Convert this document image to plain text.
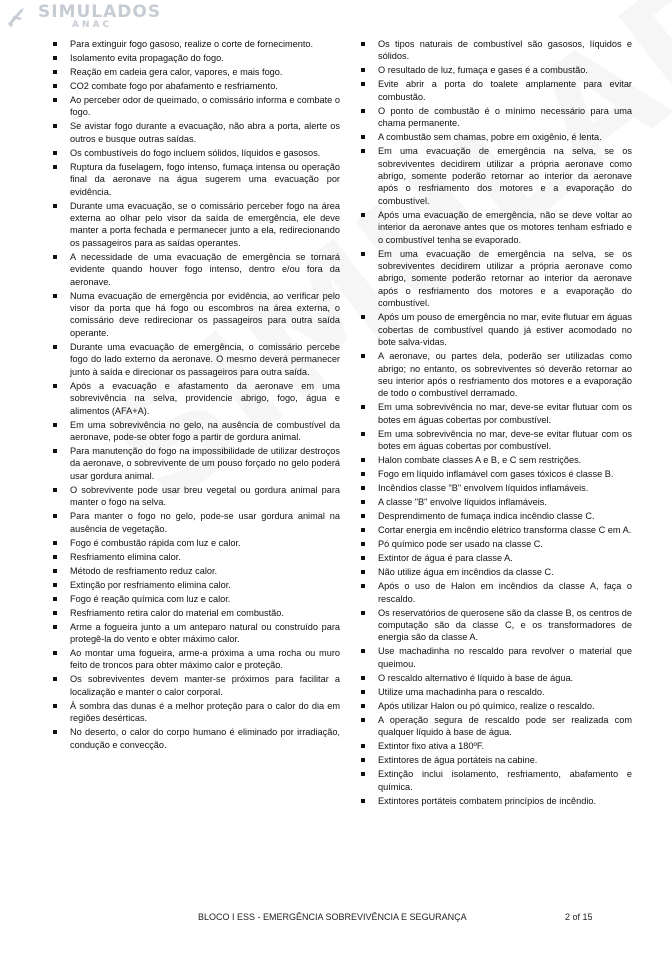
SIMULADOS
ANAC
Para extinguir fogo gasoso, realize o corte de fornecimento.
Isolamento evita propagação do fogo.
Reação em cadeia gera calor, vapores, e mais fogo.
CO2 combate fogo por abafamento e resfriamento.
Ao perceber odor de queimado, o comissário informa e combate o fogo.
Se avistar fogo durante a evacuação, não abra a porta, alerte os outros e busque outras saídas.
Os combustíveis do fogo incluem sólidos, líquidos e gasosos.
Ruptura da fuselagem, fogo intenso, fumaça intensa ou operação final da aeronave na água sugerem uma evacuação por evidência.
Durante uma evacuação, se o comissário perceber fogo na área externa ao olhar pelo visor da saída de emergência, ele deve manter a porta fechada e permanecer junto a ela, redirecionando os passageiros para as saídas operantes.
A necessidade de uma evacuação de emergência se tornará evidente quando houver fogo intenso, dentro e/ou fora da aeronave.
Numa evacuação de emergência por evidência, ao verificar pelo visor da porta que há fogo ou escombros na área externa, o comissário deve redirecionar os passageiros para outra saída operante.
Durante uma evacuação de emergência, o comissário percebe fogo do lado externo da aeronave. O mesmo deverá permanecer junto à saída e direcionar os passageiros para outra saída.
Após a evacuação e afastamento da aeronave em uma sobrevivência na selva, providencie abrigo, fogo, água e alimentos (AFA+A).
Em uma sobrevivência no gelo, na ausência de combustível da aeronave, pode-se obter fogo a partir de gordura animal.
Para manutenção do fogo na impossibilidade de utilizar destroços da aeronave, o sobrevivente de um pouso forçado no gelo poderá usar gordura animal.
O sobrevivente pode usar breu vegetal ou gordura animal para manter o fogo na selva.
Para manter o fogo no gelo, pode-se usar gordura animal na ausência de vegetação.
Fogo é combustão rápida com luz e calor.
Resfriamento elimina calor.
Método de resfriamento reduz calor.
Extinção por resfriamento elimina calor.
Fogo é reação química com luz e calor.
Resfriamento retira calor do material em combustão.
Arme a fogueira junto a um anteparo natural ou construído para protegê-la do vento e obter máximo calor.
Ao montar uma fogueira, arme-a próxima a uma rocha ou muro feito de troncos para obter máximo calor e proteção.
Os sobreviventes devem manter-se próximos para facilitar a localização e manter o calor corporal.
À sombra das dunas é a melhor proteção para o calor do dia em regiões desérticas.
No deserto, o calor do corpo humano é eliminado por irradiação, condução e convecção.
Os tipos naturais de combustível são gasosos, líquidos e sólidos.
O resultado de luz, fumaça e gases é a combustão.
Evite abrir a porta do toalete amplamente para evitar combustão.
O ponto de combustão é o mínimo necessário para uma chama permanente.
A combustão sem chamas, pobre em oxigênio, é lenta.
Em uma evacuação de emergência na selva, se os sobreviventes decidirem utilizar a própria aeronave como abrigo, somente poderão retornar ao interior da aeronave após o resfriamento dos motores e a evaporação do combustível.
Após uma evacuação de emergência, não se deve voltar ao interior da aeronave antes que os motores tenham esfriado e o combustível tenha se evaporado.
Em uma evacuação de emergência na selva, se os sobreviventes decidirem utilizar a própria aeronave como abrigo, somente poderão retornar ao interior da aeronave após o resfriamento dos motores e a evaporação do combustível.
Após um pouso de emergência no mar, evite flutuar em águas cobertas de combustível quando já estiver acomodado no bote salva-vidas.
A aeronave, ou partes dela, poderão ser utilizadas como abrigo; no entanto, os sobreviventes só deverão retornar ao seu interior após o resfriamento dos motores e a evaporação de todo o combustível derramado.
Em uma sobrevivência no mar, deve-se evitar flutuar com os botes em águas cobertas por combustível.
Em uma sobrevivência no mar, deve-se evitar flutuar com os botes em águas cobertas por combustível.
Halon combate classes A e B, e C sem restrições.
Fogo em líquido inflamável com gases tóxicos é classe B.
Incêndios classe "B" envolvem líquidos inflamáveis.
A classe "B" envolve líquidos inflamáveis.
Desprendimento de fumaça indica incêndio classe C.
Cortar energia em incêndio elétrico transforma classe C em A.
Pó químico pode ser usado na classe C.
Extintor de água é para classe A.
Não utilize água em incêndios da classe C.
Após o uso de Halon em incêndios da classe A, faça o rescaldo.
Os reservatórios de querosene são da classe B, os centros de computação são da classe C, e os transformadores de energia são da classe A.
Use machadinha no rescaldo para revolver o material que queimou.
O rescaldo alternativo é líquido à base de água.
Utilize uma machadinha para o rescaldo.
Após utilizar Halon ou pó químico, realize o rescaldo.
A operação segura de rescaldo pode ser realizada com qualquer líquido à base de água.
Extintor fixo ativa a 180ºF.
Extintores de água portáteis na cabine.
Extinção inclui isolamento, resfriamento, abafamento e química.
Extintores portáteis combatem princípios de incêndio.
BLOCO I ESS - EMERGÊNCIA SOBREVIVÊNCIA E SEGURANÇA	2 of 15
